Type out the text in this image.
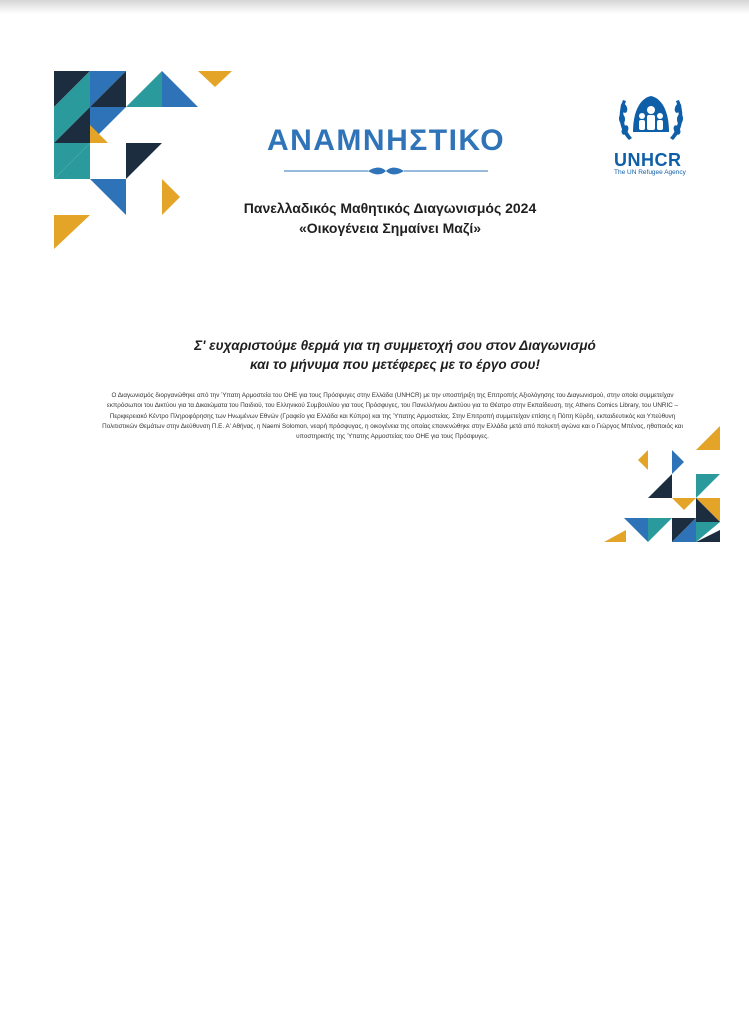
UNHCR
The UN Refugee Agency
ΑΝΑΜΝΗΣΤΙΚΟ
Πανελλαδικός Μαθητικός Διαγωνισμός 2024
«Οικογένεια Σημαίνει Μαζί»
Σ' ευχαριστούμε θερμά για τη συμμετοχή σου στον Διαγωνισμό
και το μήνυμα που μετέφερες με το έργο σου!

Ο Διαγωνισμός διοργανώθηκε από την Ύπατη Αρμοστεία του ΟΗΕ για τους Πρόσφυγες στην Ελλάδα (UNHCR) με την υποστήριξη της Επιτροπής Αξιολόγησης του Διαγωνισμού, στην οποία συμμετείχαν εκπρόσωποι του Δικτύου για τα Δικαιώματα του Παιδιού, του Ελληνικού Συμβουλίου για τους Πρόσφυγες, του Πανελλήνιου Δικτύου για το Θέατρο στην Εκπαίδευση, της Athens Comics Library, του UNRIC – Περιφερειακό Κέντρο Πληροφόρησης των Ηνωμένων Εθνών (Γραφείο για Ελλάδα και Κύπρο) και της Ύπατης Αρμοστείας. Στην Επιτροπή συμμετείχαν επίσης η Πόπη Κύρδη, εκπαιδευτικός και Υπεύθυνη Πολιτιστικών Θεμάτων στην Διεύθυνση Π.Ε. Α' Αθήνας, η Naemi Solomon, νεαρή πρόσφυγας, η οικογένεια της οποίας επανενώθηκε στην Ελλάδα μετά από πολυετή αγώνα και ο Γιώργος Μπένος, ηθοποιός και υποστηρικτής της Ύπατης Αρμοστείας του ΟΗΕ για τους Πρόσφυγες.
